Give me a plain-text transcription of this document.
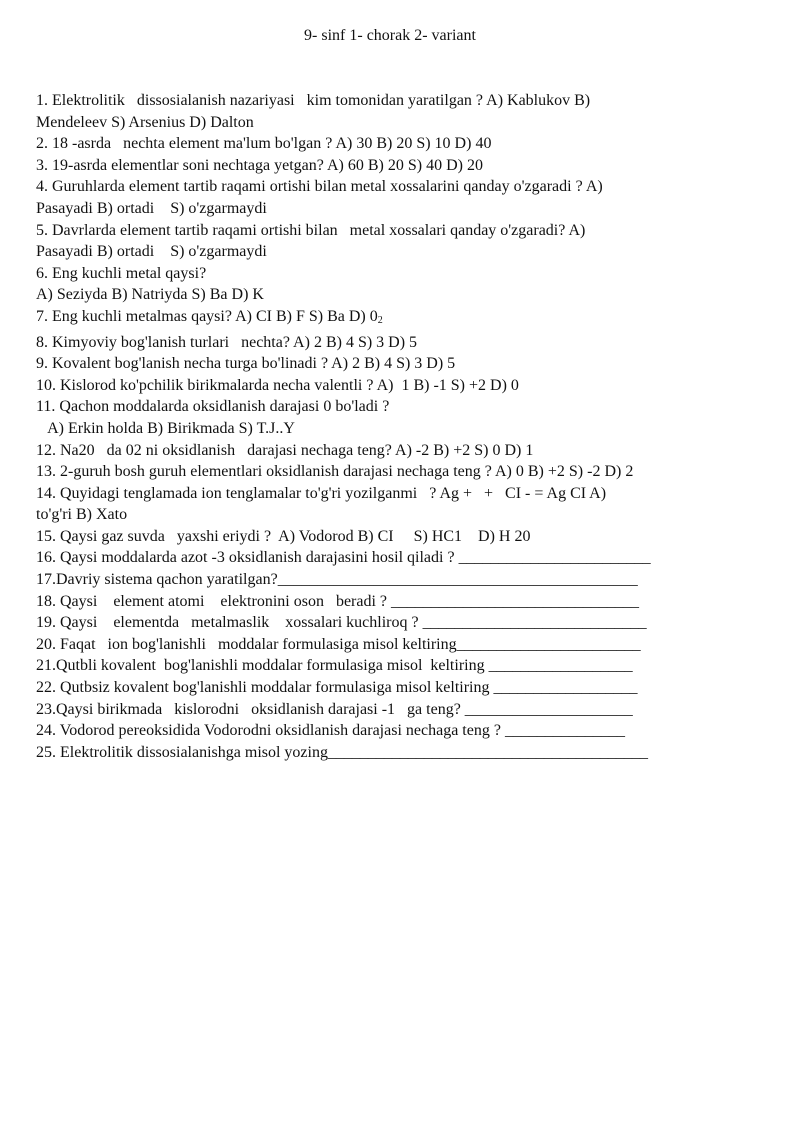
9- sinf 1- chorak 2- variant
1. Elektrolitik   dissosialanish nazariyasi   kim tomonidan yaratilgan ? A) Kablukov B)
Mendeleev S) Arsenius D) Dalton
2. 18 -asrda   nechta element ma'lum bo'lgan ? A) 30 B) 20 S) 10 D) 40
3. 19-asrda elementlar soni nechtaga yetgan? A) 60 B) 20 S) 40 D) 20
4. Guruhlarda element tartib raqami ortishi bilan metal xossalarini qanday o'zgaradi ? A)
Pasayadi B) ortadi    S) o'zgarmaydi
5. Davrlarda element tartib raqami ortishi bilan   metal xossalari qanday o'zgaradi? A)
Pasayadi B) ortadi    S) o'zgarmaydi
6. Eng kuchli metal qaysi?
A) Seziyda B) Natriyda S) Ba D) K
7. Eng kuchli metalmas qaysi? A) CI B) F S) Ba D) $0_2$
8. Kimyoviy bog'lanish turlari   nechta? A) 2 B) 4 S) 3 D) 5
9. Kovalent bog'lanish necha turga bo'linadi ? A) 2 B) 4 S) 3 D) 5
10. Kislorod ko'pchilik birikmalarda necha valentli ? A)  1 B) -1 S) +2 D) 0
11. Qachon moddalarda oksidlanish darajasi 0 bo'ladi ?
A) Erkin holda B) Birikmada S) T.J..Y
12. Na20   da 02 ni oksidlanish   darajasi nechaga teng? A) -2 B) +2 S) 0 D) 1
13. 2-guruh bosh guruh elementlari oksidlanish darajasi nechaga teng ? A) 0 B) +2 S) -2 D) 2
14. Quyidagi tenglamada ion tenglamalar to'g'ri yozilganmi   ? Ag +   +   CI - = Ag CI A)
to'g'ri B) Xato
15. Qaysi gaz suvda   yaxshi eriydi ?  A) Vodorod B) CI     S) HC1    D) H 20
16. Qaysi moddalarda azot -3 oksidlanish darajasini hosil qiladi ? ________________________
17.Davriy sistema qachon yaratilgan?_____________________________________________
18. Qaysi    element atomi    elektronini oson   beradi ? _______________________________
19. Qaysi    elementda   metalmaslik    xossalari kuchliroq ? ____________________________
20. Faqat   ion bog'lanishli   moddalar formulasiga misol keltiring_______________________
21.Qutbli kovalent  bog'lanishli moddalar formulasiga misol  keltiring __________________
22. Qutbsiz kovalent bog'lanishli moddalar formulasiga misol keltiring __________________
23.Qaysi birikmada   kislorodni   oksidlanish darajasi -1   ga teng? _____________________
24. Vodorod pereoksidida Vodorodni oksidlanish darajasi nechaga teng ? _______________
25. Elektrolitik dissosialanishga misol yozing________________________________________
